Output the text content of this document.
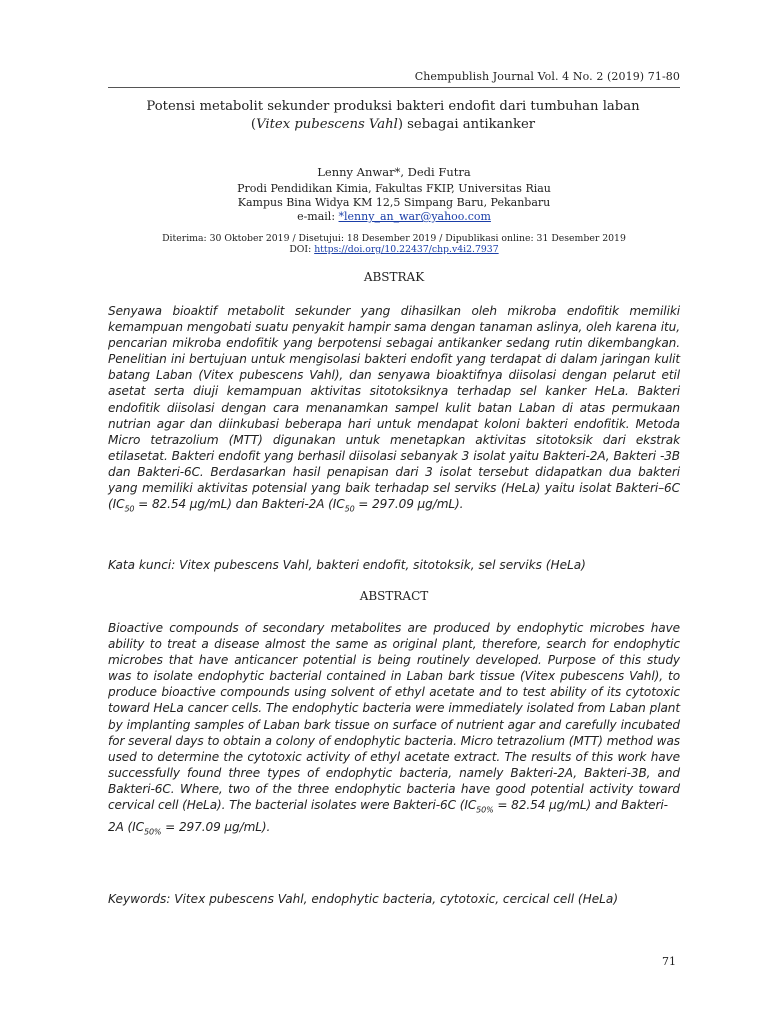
Chempublish Journal Vol. 4 No. 2 (2019) 71-80
Potensi metabolit sekunder produksi bakteri endofit dari tumbuhan laban
(Vitex pubescens Vahl) sebagai antikanker
Lenny Anwar*, Dedi Futra
Prodi Pendidikan Kimia, Fakultas FKIP, Universitas Riau
Kampus Bina Widya KM 12,5 Simpang Baru, Pekanbaru
e-mail: *lenny_an_war@yahoo.com
Diterima: 30 Oktober 2019 / Disetujui: 18 Desember 2019 / Dipublikasi online: 31 Desember 2019
DOI: https://doi.org/10.22437/chp.v4i2.7937
ABSTRAK
Senyawa bioaktif metabolit sekunder yang dihasilkan oleh mikroba endofitik memiliki kemampuan mengobati suatu penyakit hampir sama dengan tanaman aslinya, oleh karena itu, pencarian mikroba endofitik yang berpotensi sebagai antikanker sedang rutin dikembangkan. Penelitian ini bertujuan untuk mengisolasi bakteri endofit yang terdapat di dalam jaringan kulit batang Laban (Vitex pubescens Vahl), dan senyawa bioaktifnya diisolasi dengan pelarut etil asetat serta diuji kemampuan aktivitas sitotoksiknya terhadap sel kanker HeLa. Bakteri endofitik diisolasi dengan cara menanamkan sampel kulit batan Laban di atas permukaan nutrian agar dan diinkubasi beberapa hari untuk mendapat koloni bakteri endofitik. Metoda Micro tetrazolium (MTT) digunakan untuk menetapkan aktivitas sitotoksik dari ekstrak etilasetat. Bakteri endofit yang berhasil diisolasi sebanyak 3 isolat yaitu Bakteri-2A, Bakteri -3B dan Bakteri-6C. Berdasarkan hasil penapisan dari 3 isolat tersebut didapatkan dua bakteri yang memiliki aktivitas potensial yang baik terhadap sel serviks (HeLa) yaitu isolat Bakteri–6C ($IC_{50} = 82.54$ µg/mL) dan Bakteri-2A ($IC_{50} = 297.09$ µg/mL).
Kata kunci: Vitex pubescens Vahl, bakteri endofit, sitotoksik, sel serviks (HeLa)
ABSTRACT
Bioactive compounds of secondary metabolites are produced by endophytic microbes have ability to treat a disease almost the same as original plant, therefore, search for endophytic microbes that have anticancer potential is being routinely developed. Purpose of this study was to isolate endophytic bacterial contained in Laban bark tissue (Vitex pubescens Vahl), to produce bioactive compounds using solvent of ethyl acetate and to test ability of its cytotoxic toward HeLa cancer cells. The endophytic bacteria were immediately isolated from Laban plant by implanting samples of Laban bark tissue on surface of nutrient agar and carefully incubated for several days to obtain a colony of endophytic bacteria. Micro tetrazolium (MTT) method was used to determine the cytotoxic activity of ethyl acetate extract. The results of this work have successfully found three types of endophytic bacteria, namely Bakteri-2A, Bakteri-3B, and Bakteri-6C. Where, two of the three endophytic bacteria have good potential activity toward cervical cell (HeLa). The bacterial isolates were Bakteri-6C ($IC_{50\%} = 82.54$ µg/mL) and Bakteri-
2A ($IC_{50\%} = 297.09$ µg/mL).
Keywords: Vitex pubescens Vahl, endophytic bacteria, cytotoxic, cercical cell (HeLa)
71
